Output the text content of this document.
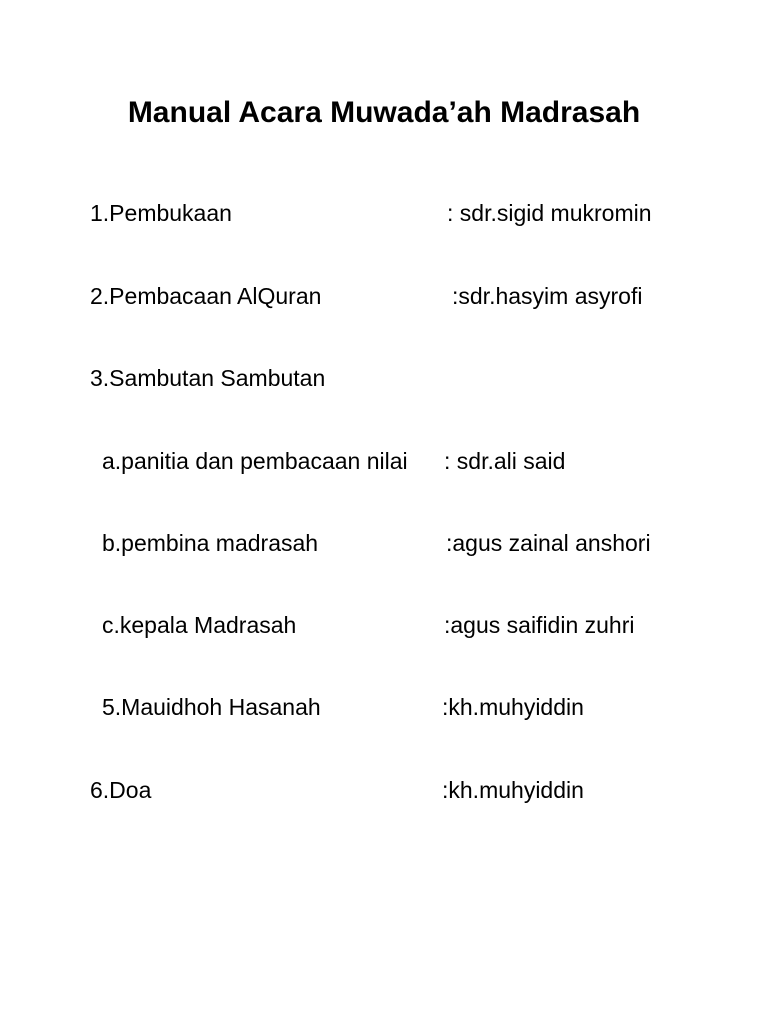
Manual Acara Muwada’ah Madrasah
1.Pembukaan	: sdr.sigid mukromin
2.Pembacaan AlQuran	:sdr.hasyim asyrofi
3.Sambutan Sambutan
a.panitia dan pembacaan nilai : sdr.ali said
b.pembina madrasah	:agus zainal anshori
c.kepala Madrasah	:agus saifidin zuhri
5.Mauidhoh Hasanah	:kh.muhyiddin
6.Doa	:kh.muhyiddin
